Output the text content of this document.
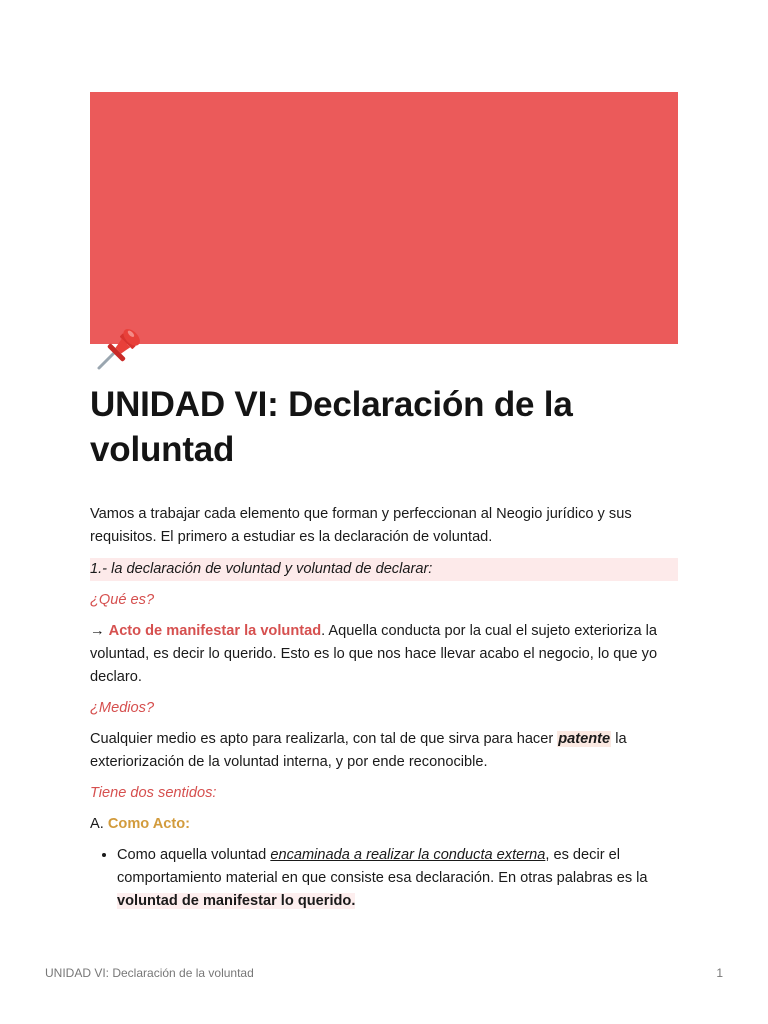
UNIDAD VI: Declaración de la voluntad

Vamos a trabajar cada elemento que forman y perfeccionan al Neogio jurídico y sus requisitos. El primero a estudiar es la declaración de voluntad.

1.- la declaración de voluntad y voluntad de declarar:

¿Qué es?

→ Acto de manifestar la voluntad. Aquella conducta por la cual el sujeto exterioriza la voluntad, es decir lo querido. Esto es lo que nos hace llevar acabo el negocio, lo que yo declaro.

¿Medios?

Cualquier medio es apto para realizarla, con tal de que sirva para hacer patente la exteriorización de la voluntad interna, y por ende reconocible.

Tiene dos sentidos:

A. Como Acto:

• Como aquella voluntad encaminada a realizar la conducta externa, es decir el comportamiento material en que consiste esa declaración. En otras palabras es la voluntad de manifestar lo querido.
UNIDAD VI: Declaración de la voluntad	1
